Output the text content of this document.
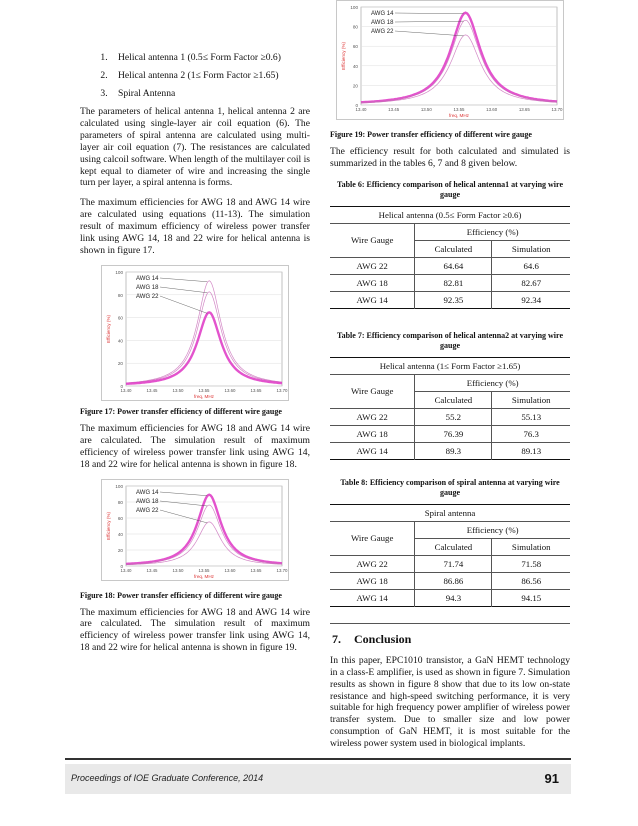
1. Helical antenna 1 (0.5≤ Form Factor ≥0.6)
2. Helical antenna 2 (1≤ Form Factor ≥1.65)
3. Spiral Antenna

The parameters of helical antenna 1, helical antenna 2 are calculated using single-layer air coil equation (6). The parameters of spiral antenna are calculated using multi-layer air coil equation (7). The resistances are calculated using calcoil software. When length of the multilayer coil is kept equal to diameter of wire and increasing the single turn per layer, a spiral antenna is forms.

The maximum efficiencies for AWG 18 and AWG 14 wire are calculated using equations (11-13). The simulation result of maximum efficiency of wireless power transfer link using AWG 14, 18 and 22 wire for helical antenna is shown in figure 17.

0
20
40
60
80
100
13.40	13.45	13.50	13.55	13.60	13.65	13.70
freq, MHz
Efficiency (%)
AWG 14
AWG 18
AWG 22
Figure 17: Power transfer efficiency of different wire gauge

The maximum efficiencies for AWG 18 and AWG 14 wire are calculated. The simulation result of maximum efficiency of wireless power transfer link using AWG 14, 18 and 22 wire for helical antenna is shown in figure 18.

0
20
40
60
80
100
13.40	13.45	13.50	13.55	13.60	13.65	13.70
freq, MHz
Efficiency (%)
AWG 14
AWG 18
AWG 22
Figure 18: Power transfer efficiency of different wire gauge

The maximum efficiencies for AWG 18 and AWG 14 wire are calculated. The simulation result of maximum efficiency of wireless power transfer link using AWG 14, 18 and 22 wire for helical antenna is shown in figure 19.

0
20
40
60
80
100
13.40	13.45	13.50	13.55	13.60	13.65	13.70
freq, MHz
Efficiency (%)
AWG 14
AWG 18
AWG 22
Figure 19: Power transfer efficiency of different wire gauge

The efficiency result for both calculated and simulated is summarized in the tables 6, 7 and 8 given below.

Table 6: Efficiency comparison of helical antenna1 at varying wire gauge
Helical antenna (0.5≤ Form Factor ≥0.6)		
Wire Gauge	Efficiency (%)	
	Calculated	Simulation
AWG 22	64.64	64.6
AWG 18	82.81	82.67
AWG 14	92.35	92.34
Table 7: Efficiency comparison of helical antenna2 at varying wire gauge
Helical antenna (1≤ Form Factor ≥1.65)		
Wire Gauge	Efficiency (%)	
	Calculated	Simulation
AWG 22	55.2	55.13
AWG 18	76.39	76.3
AWG 14	89.3	89.13
Table 8: Efficiency comparison of spiral antenna at varying wire gauge
Spiral antenna		
Wire Gauge	Efficiency (%)	
	Calculated	Simulation
AWG 22	71.74	71.58
AWG 18	86.86	86.56
AWG 14	94.3	94.15
7. Conclusion

In this paper, EPC1010 transistor, a GaN HEMT technology in a class-E amplifier, is used as shown in figure 7. Simulation results as shown in figure 8 show that due to its low on-state resistance and high-speed switching performance, it is very suitable for high frequency power amplifier of wireless power transfer system. Due to smaller size and low power consumption of GaN HEMT, it is most suitable for the wireless power system used in biological implants.

Proceedings of IOE Graduate Conference, 2014	91
